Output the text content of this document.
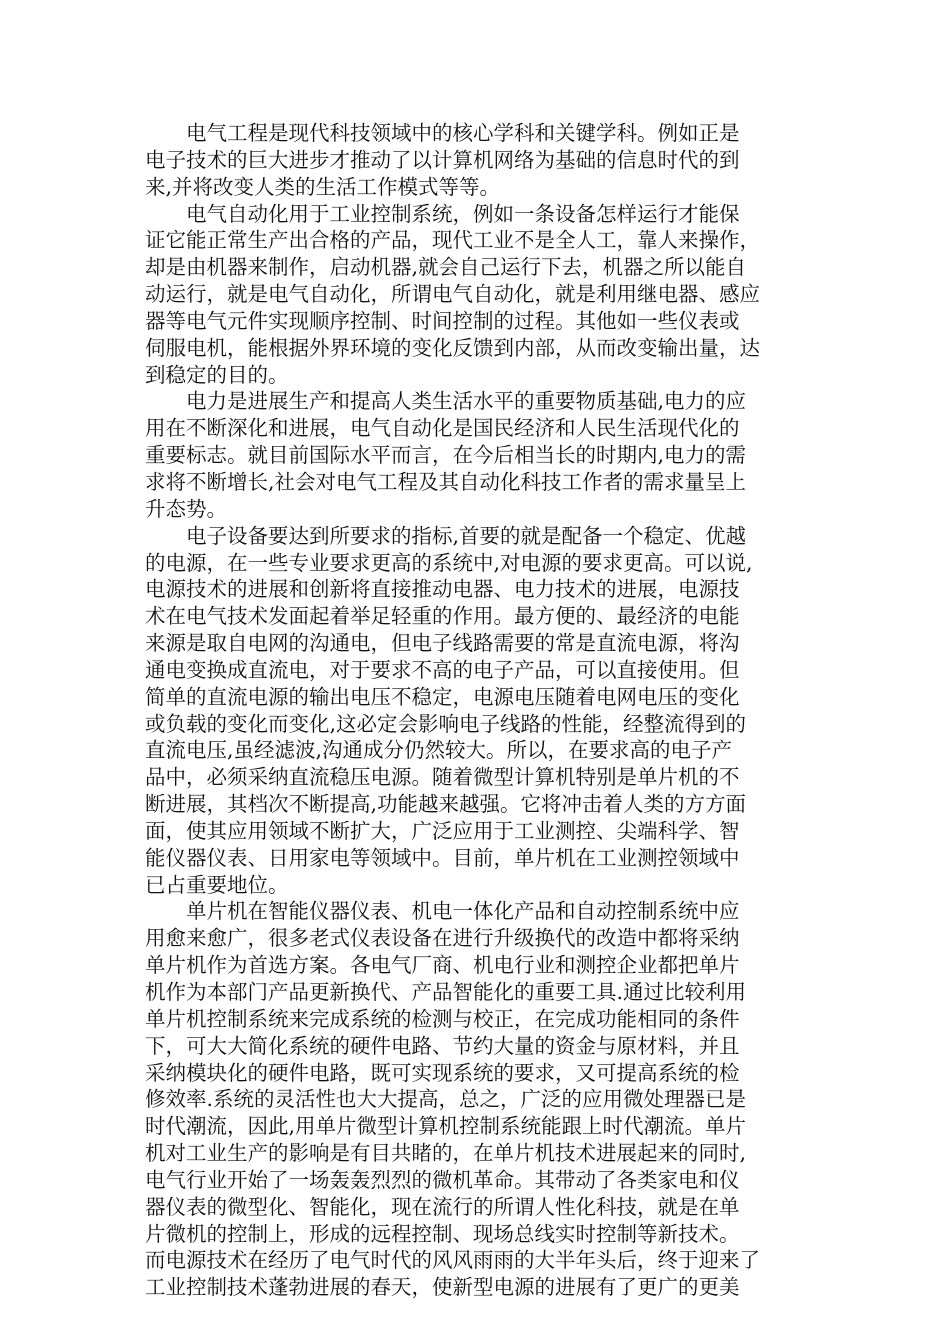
电气工程是现代科技领域中的核心学科和关键学科。例如正是
电子技术的巨大进步才推动了以计算机网络为基础的信息时代的到
来,并将改变人类的生活工作模式等等。
电气自动化用于工业控制系统，例如一条设备怎样运行才能保
证它能正常生产出合格的产品，现代工业不是全人工，靠人来操作，
却是由机器来制作，启动机器,就会自己运行下去，机器之所以能自
动运行，就是电气自动化，所谓电气自动化，就是利用继电器、感应
器等电气元件实现顺序控制、时间控制的过程。其他如一些仪表或
伺服电机，能根据外界环境的变化反馈到内部，从而改变输出量，达
到稳定的目的。
电力是进展生产和提高人类生活水平的重要物质基础,电力的应
用在不断深化和进展，电气自动化是国民经济和人民生活现代化的
重要标志。就目前国际水平而言，在今后相当长的时期内,电力的需
求将不断增长,社会对电气工程及其自动化科技工作者的需求量呈上
升态势。
电子设备要达到所要求的指标,首要的就是配备一个稳定、优越
的电源，在一些专业要求更高的系统中,对电源的要求更高。可以说,
电源技术的进展和创新将直接推动电器、电力技术的进展，电源技
术在电气技术发面起着举足轻重的作用。最方便的、最经济的电能
来源是取自电网的沟通电，但电子线路需要的常是直流电源，将沟
通电变换成直流电，对于要求不高的电子产品，可以直接使用。但
简单的直流电源的输出电压不稳定，电源电压随着电网电压的变化
或负载的变化而变化,这必定会影响电子线路的性能，经整流得到的
直流电压,虽经滤波,沟通成分仍然较大。所以，在要求高的电子产
品中，必须采纳直流稳压电源。随着微型计算机特别是单片机的不
断进展，其档次不断提高,功能越来越强。它将冲击着人类的方方面
面，使其应用领域不断扩大，广泛应用于工业测控、尖端科学、智
能仪器仪表、日用家电等领域中。目前，单片机在工业测控领域中
已占重要地位。
单片机在智能仪器仪表、机电一体化产品和自动控制系统中应
用愈来愈广，很多老式仪表设备在进行升级换代的改造中都将采纳
单片机作为首选方案。各电气厂商、机电行业和测控企业都把单片
机作为本部门产品更新换代、产品智能化的重要工具.通过比较利用
单片机控制系统来完成系统的检测与校正，在完成功能相同的条件
下，可大大简化系统的硬件电路、节约大量的资金与原材料，并且
采纳模块化的硬件电路，既可实现系统的要求，又可提高系统的检
修效率.系统的灵活性也大大提高，总之，广泛的应用微处理器已是
时代潮流，因此,用单片微型计算机控制系统能跟上时代潮流。单片
机对工业生产的影响是有目共睹的，在单片机技术进展起来的同时,
电气行业开始了一场轰轰烈烈的微机革命。其带动了各类家电和仪
器仪表的微型化、智能化，现在流行的所谓人性化科技，就是在单
片微机的控制上，形成的远程控制、现场总线实时控制等新技术。
而电源技术在经历了电气时代的风风雨雨的大半年头后，终于迎来了
工业控制技术蓬勃进展的春天，使新型电源的进展有了更广的更美
